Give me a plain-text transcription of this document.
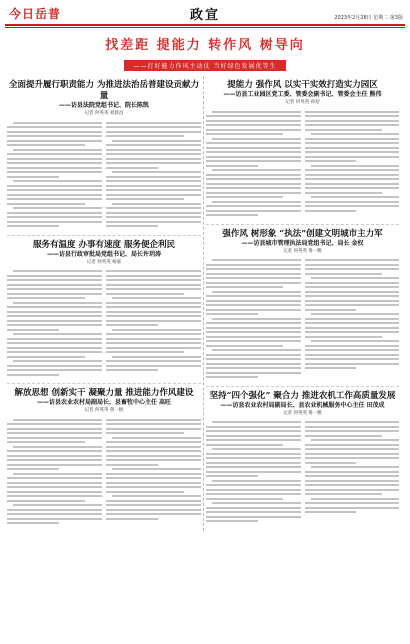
今日岳普	政宣	2023年2月28日 星期二 第3版
找差距 提能力 转作风 树导向
——打好能力作风主动仗 当好绿色发展优等生
全面提升履行职责能力 为推进法治岳普建设贡献力量
——访县法院党组书记、院长陈凯
记者 何英英 刘晨昌
服务有温度 办事有速度 服务便企利民
——访县行政审批局党组书记、局长许玥涛
记者 何英英 杨嘉
解放思想 创新实干 凝聚力量 推进能力作风建设
——访县农业农村局副局长、县畜牧中心主任 高旺
记者 何英英 鲁一帆
提能力 强作风 以实干实效打造实力园区
——访县工业园区党工委、管委会副书记、管委会主任 熊伟
记者 何英英 孙迎
强作风 树形象 “执法”创建文明城市主力军
——访县城市管理执法局党组书记、局长 金权
记者 何英英 鲁一帆
坚持“四个强化” 聚合力 推进农机工作高质量发展
——访县农业农村局副局长、县农业机械服务中心主任 田茂成
记者 何英英 鲁一帆
